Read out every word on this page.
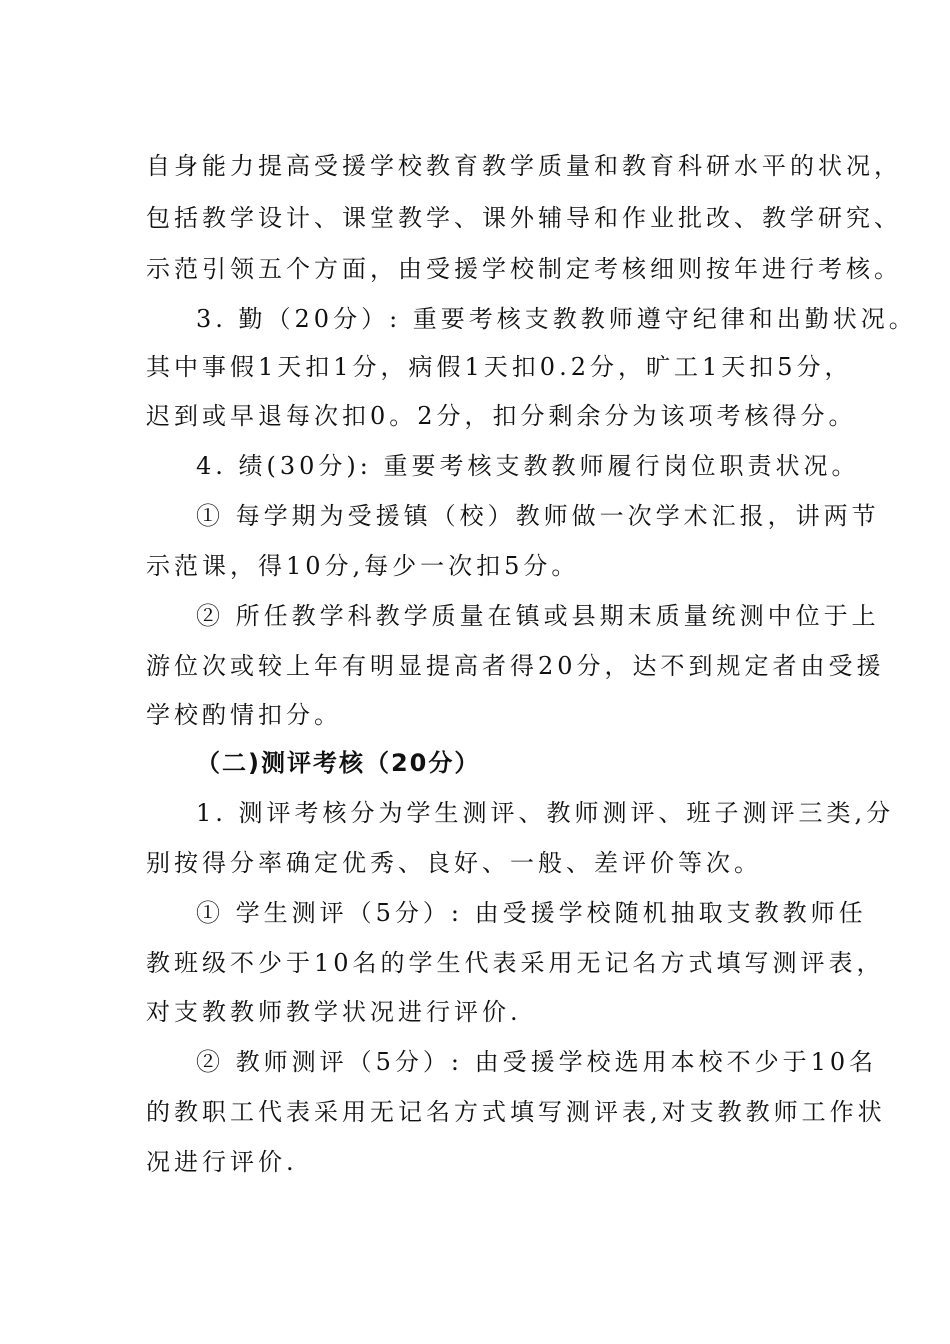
自身能力提高受援学校教育教学质量和教育科研水平的状况，
包括教学设计、课堂教学、课外辅导和作业批改、教学研究、
示范引领五个方面，由受援学校制定考核细则按年进行考核。
3. 勤（20分）: 重要考核支教教师遵守纪律和出勤状况。
其中事假1天扣1分，病假1天扣0.2分，旷工1天扣5分，
迟到或早退每次扣0。2分，扣分剩余分为该项考核得分。
4. 绩(30分): 重要考核支教教师履行岗位职责状况。
① 每学期为受援镇（校）教师做一次学术汇报，讲两节
示范课，得10分,每少一次扣5分。
② 所任教学科教学质量在镇或县期末质量统测中位于上
游位次或较上年有明显提高者得20分，达不到规定者由受援
学校酌情扣分。
（二)测评考核（20分）
1. 测评考核分为学生测评、教师测评、班子测评三类,分
别按得分率确定优秀、良好、一般、差评价等次。
① 学生测评（5分）: 由受援学校随机抽取支教教师任
教班级不少于10名的学生代表采用无记名方式填写测评表，
对支教教师教学状况进行评价.
② 教师测评（5分）: 由受援学校选用本校不少于10名
的教职工代表采用无记名方式填写测评表,对支教教师工作状
况进行评价.
